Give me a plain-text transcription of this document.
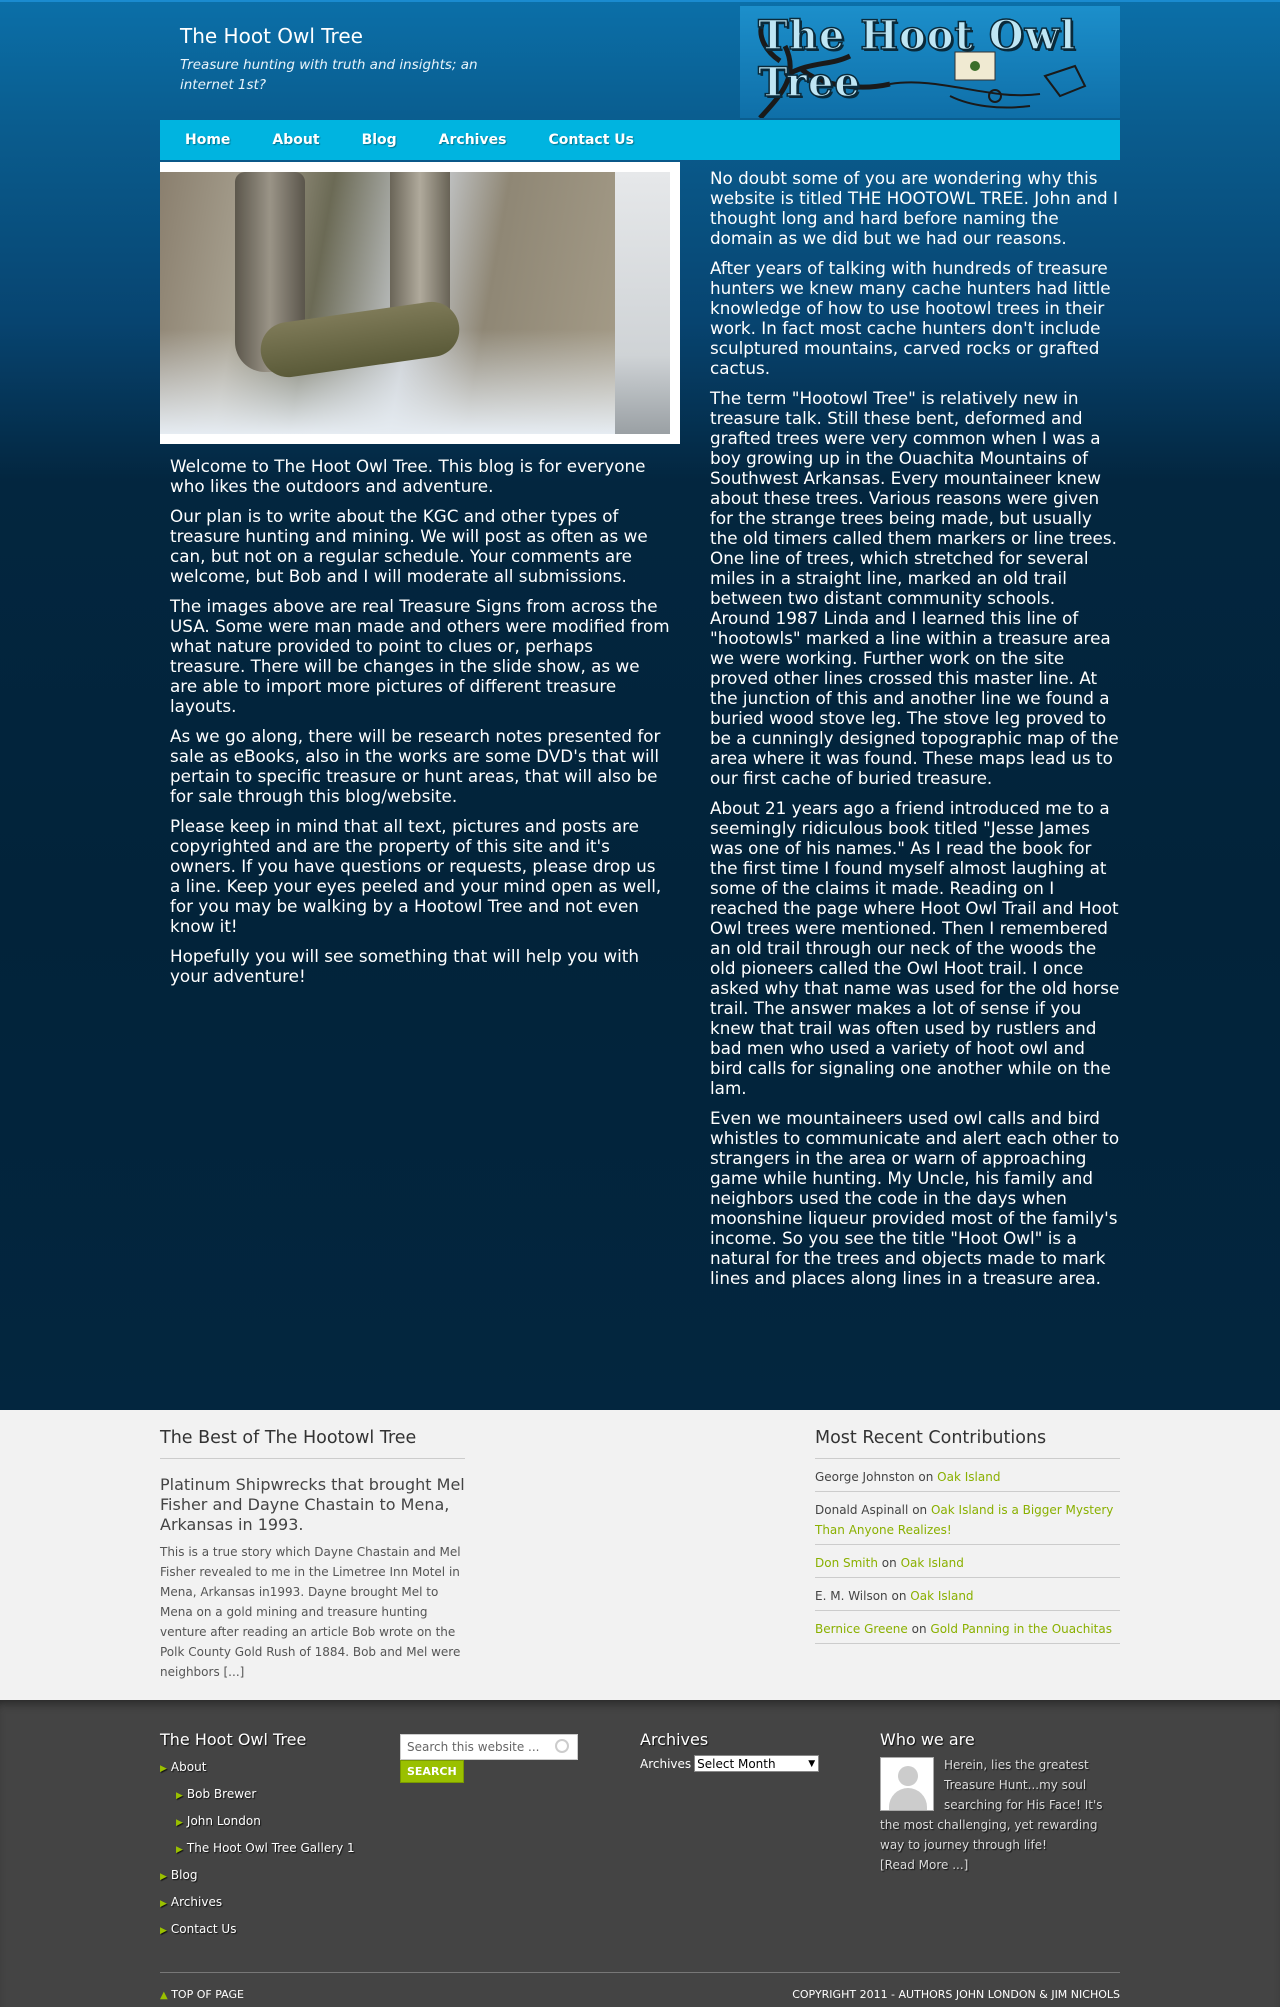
The Hoot Owl Tree
Treasure hunting with truth and insights; an internet 1st?
The Hoot Owl Tree
Home	About	Blog	Archives	Contact Us

Welcome to The Hoot Owl Tree. This blog is for everyone who likes the outdoors and adventure.

Our plan is to write about the KGC and other types of treasure hunting and mining. We will post as often as we can, but not on a regular schedule. Your comments are welcome, but Bob and I will moderate all submissions.

The images above are real Treasure Signs from across the USA. Some were man made and others were modified from what nature provided to point to clues or, perhaps treasure. There will be changes in the slide show, as we are able to import more pictures of different treasure layouts.

As we go along, there will be research notes presented for sale as eBooks, also in the works are some DVD's that will pertain to specific treasure or hunt areas, that will also be for sale through this blog/website.

Please keep in mind that all text, pictures and posts are copyrighted and are the property of this site and it's owners. If you have questions or requests, please drop us a line. Keep your eyes peeled and your mind open as well, for you may be walking by a Hootowl Tree and not even know it!

Hopefully you will see something that will help you with your adventure!

No doubt some of you are wondering why this website is titled THE HOOTOWL TREE. John and I thought long and hard before naming the domain as we did but we had our reasons.

After years of talking with hundreds of treasure hunters we knew many cache hunters had little knowledge of how to use hootowl trees in their work. In fact most cache hunters don't include sculptured mountains, carved rocks or grafted cactus.

The term "Hootowl Tree" is relatively new in treasure talk. Still these bent, deformed and grafted trees were very common when I was a boy growing up in the Ouachita Mountains of Southwest Arkansas. Every mountaineer knew about these trees. Various reasons were given for the strange trees being made, but usually the old timers called them markers or line trees. One line of trees, which stretched for several miles in a straight line, marked an old trail between two distant community schools. Around 1987 Linda and I learned this line of "hootowls" marked a line within a treasure area we were working. Further work on the site proved other lines crossed this master line. At the junction of this and another line we found a buried wood stove leg. The stove leg proved to be a cunningly designed topographic map of the area where it was found. These maps lead us to our first cache of buried treasure.

About 21 years ago a friend introduced me to a seemingly ridiculous book titled "Jesse James was one of his names." As I read the book for the first time I found myself almost laughing at some of the claims it made. Reading on I reached the page where Hoot Owl Trail and Hoot Owl trees were mentioned. Then I remembered an old trail through our neck of the woods the old pioneers called the Owl Hoot trail. I once asked why that name was used for the old horse trail. The answer makes a lot of sense if you knew that trail was often used by rustlers and bad men who used a variety of hoot owl and bird calls for signaling one another while on the lam.

Even we mountaineers used owl calls and bird whistles to communicate and alert each other to strangers in the area or warn of approaching game while hunting. My Uncle, his family and neighbors used the code in the days when moonshine liqueur provided most of the family's income. So you see the title "Hoot Owl" is a natural for the trees and objects made to mark lines and places along lines in a treasure area.

The Best of The Hootowl Tree
Platinum Shipwrecks that brought Mel Fisher and Dayne Chastain to Mena, Arkansas in 1993.
This is a true story which Dayne Chastain and Mel Fisher revealed to me in the Limetree Inn Motel in Mena, Arkansas in1993. Dayne brought Mel to Mena on a gold mining and treasure hunting venture after reading an article Bob wrote on the Polk County Gold Rush of 1884. Bob and Mel were neighbors [...]
Most Recent Contributions
George Johnston on Oak Island
Donald Aspinall on Oak Island is a Bigger Mystery Than Anyone Realizes!
Don Smith on Oak Island
E. M. Wilson on Oak Island
Bernice Greene on Gold Panning in the Ouachitas
The Hoot Owl Tree
▶ About
▶ Bob Brewer
▶ John London
▶ The Hoot Owl Tree Gallery 1
▶ Blog
▶ Archives
▶ Contact Us
Search this website ...
SEARCH
Archives
Archives Select Month	▼
Who we are
Herein, lies the greatest Treasure Hunt...my soul searching for His Face! It's the most challenging, yet rewarding way to journey through life!
[Read More ...]
▲ TOP OF PAGE	COPYRIGHT 2011 - AUTHORS JOHN LONDON & JIM NICHOLS
